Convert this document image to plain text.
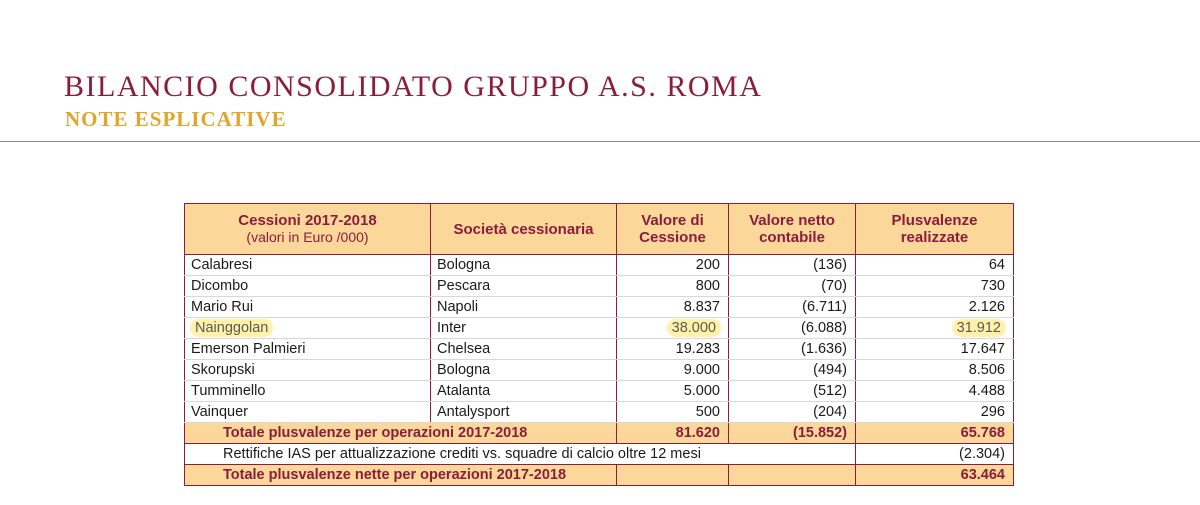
BILANCIO CONSOLIDATO GRUPPO A.S. ROMA
NOTE ESPLICATIVE
Cessioni 2017-2018
(valori in Euro /000)	Società cessionaria	Valore di Cessione	Valore netto contabile	Plusvalenze realizzate
Calabresi	Bologna	200	(136)	64
Dicombo	Pescara	800	(70)	730
Mario Rui	Napoli	8.837	(6.711)	2.126
Nainggolan	Inter	38.000	(6.088)	31.912
Emerson Palmieri	Chelsea	19.283	(1.636)	17.647
Skorupski	Bologna	9.000	(494)	8.506
Tumminello	Atalanta	5.000	(512)	4.488
Vainquer	Antalysport	500	(204)	296
Totale plusvalenze per operazioni 2017-2018		81.620	(15.852)	65.768
Rettifiche IAS per attualizzazione crediti vs. squadre di calcio oltre 12 mesi				(2.304)
Totale plusvalenze nette per operazioni 2017-2018				63.464
